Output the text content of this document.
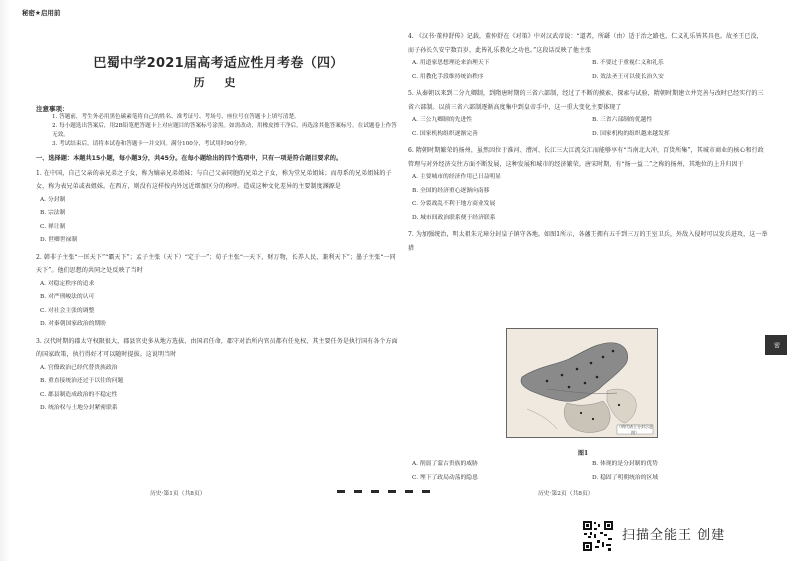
秘密★启用前
巴蜀中学2021届高考适应性月考卷（四）
历 史
注意事项：
1. 答题前，考生务必用黑色碳素笔将自己的姓名、准考证号、考场号、座位号在答题卡上填写清楚。
2. 每小题选出答案后，用2B铅笔把答题卡上对应题目的答案标号涂黑。如需改动，用橡皮擦干净后，再选涂其他答案标号。在试题卷上作答无效。
3. 考试结束后，请将本试卷和答题卡一并交回。满分100分，考试用时90分钟。
一、选择题：本题共15小题，每小题3分，共45分。在每小题给出的四个选项中，只有一项是符合题目要求的。
1. 在中国，自己父亲的亲兄弟之子女，称为嫡亲兄弟姐妹；与自己父亲同胞的兄弟之子女，称为堂兄弟姐妹；而母系的兄弟姐妹的子女，称为表兄弟或表姐妹。在西方，则没有这样按内外远近细加区分的称呼。造成这种文化差异的主要制度渊源是
A. 分封制
B. 宗法制
C. 禅让制
D. 世卿世禄制
2. 韩非子主张“一匡天下”“霸天下”；孟子主张（天下）“定于一”；荀子主张“一天下，财万物，长养人民，兼利天下”；墨子主张“一同天下”。他们思想的共同之处反映了当时
A. 对稳定秩序的追求
B. 对严刑峻法的认可
C. 对社会主张的调整
D. 对秦朝国家政治的期盼
3. 汉代时期的郡太守权限很大，郡县官吏多从地方选拔，由国君任命，郡守对治所内官员都有任免权，其主要任务是执行国有各个方面的国家政策，执行得好才可以随时提拔。这说明当时
A. 官僚政治已经代替贵族政治
B. 重直接统治还过于以往的问题
C. 郡县制造成政治的不稳定性
D. 统治权与土地分封紧密联系
历史·第1页（共8页）
4. 《汉书·董仲舒传》记载，董仲舒在《对策》中对汉武帝说：“道者，所繇（由）适于治之路也，仁义礼乐皆其具也。故圣王已没，而子孙长久安宁数百岁，此皆礼乐教化之功也。”这段话反映了他主张
A. 用道家思想理论来治理天下	B. 不要过于重视仁义和礼乐
C. 用教化手段维持统治秩序	D. 效法圣王可以使长治久安
5. 从秦朝以来到二分九卿制，到隋唐时期的三省六部制，经过了不断的摸索、探索与试验，隋朝时期建立并完善与改时已经实行的三省六部制。以前三省六部制逐渐高度集中到皇帝手中，这一重大变化主要体现了
A. 三公九卿制的先进性	B. 三省六部制的优越性
C. 国家机构组织逐渐完善	D. 国家机构的组织越来越发挥
6. 隋朝时期繁荣的扬州，虽然因位于淮河、漕河、长江三大江流交汇而能够享有“当南北大冲，百货所集”，其城市商业的核心和行政管理与对外经济交往方面不断发展，这种发展和城市的经济繁荣。唐宋时期，有“扬一益二”之称的扬州，其地位的上升归因于
A. 主要城市的经济作用已日益明显
B. 全国的经济重心逐渐向南移
C. 分裂战乱不利于地方商业发展
D. 城市间政治联系便于经济联系
7. 为加强统治，明太祖朱元璋分封皇子镇守各地。如图1所示，各藩王拥有五千到三万的王室卫兵，外敌入侵时可以发兵进攻，这一举措
（明代诸王分封示意图）
图1
A. 削弱了蒙古贵族的威胁	B. 体现的是分封制的优势
C. 埋下了政局动荡的隐患	D. 稳固了明朝统治的区域
历史·第2页（共8页）
密
扫描全能王 创建
